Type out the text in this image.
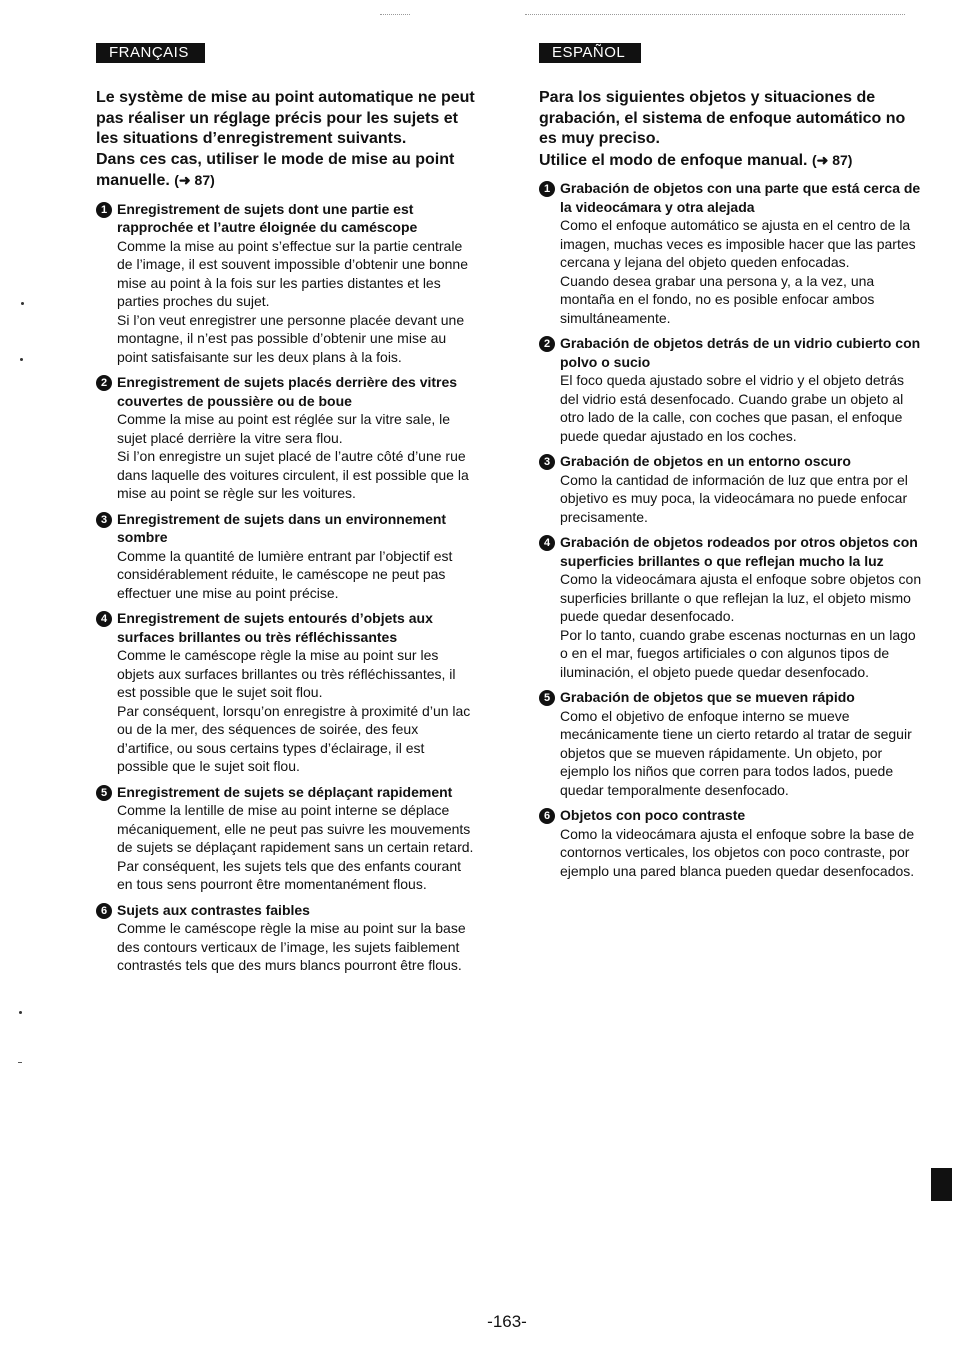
FRANÇAIS

Le système de mise au point automatique ne peut pas réaliser un réglage précis pour les sujets et les situations d’enregistrement suivants.
Dans ces cas, utiliser le mode de mise au point manuelle. (➜ 87)

1 Enregistrement de sujets dont une partie est rapprochée et l’autre éloignée du caméscope

Comme la mise au point s’effectue sur la partie centrale de l’image, il est souvent impossible d’obtenir une bonne mise au point à la fois sur les parties distantes et les parties proches du sujet.

Si l’on veut enregistrer une personne placée devant une montagne, il n’est pas possible d’obtenir une mise au point satisfaisante sur les deux plans à la fois.

2 Enregistrement de sujets placés derrière des vitres couvertes de poussière ou de boue

Comme la mise au point est réglée sur la vitre sale, le sujet placé derrière la vitre sera flou.

Si l’on enregistre un sujet placé de l’autre côté d’une rue dans laquelle des voitures circulent, il est possible que la mise au point se règle sur les voitures.

3 Enregistrement de sujets dans un environnement sombre

Comme la quantité de lumière entrant par l’objectif est considérablement réduite, le caméscope ne peut pas effectuer une mise au point précise.

4 Enregistrement de sujets entourés d’objets aux surfaces brillantes ou très réfléchissantes

Comme le caméscope règle la mise au point sur les objets aux surfaces brillantes ou très réfléchissantes, il est possible que le sujet soit flou.

Par conséquent, lorsqu’on enregistre à proximité d’un lac ou de la mer, des séquences de soirée, des feux d’artifice, ou sous certains types d’éclairage, il est possible que le sujet soit flou.

5 Enregistrement de sujets se déplaçant rapidement

Comme la lentille de mise au point interne se déplace mécaniquement, elle ne peut pas suivre les mouvements de sujets se déplaçant rapidement sans un certain retard. Par conséquent, les sujets tels que des enfants courant en tous sens pourront être momentanément flous.

6 Sujets aux contrastes faibles

Comme le caméscope règle la mise au point sur la base des contours verticaux de l’image, les sujets faiblement contrastés tels que des murs blancs pourront être flous.

ESPAÑOL

Para los siguientes objetos y situaciones de grabación, el sistema de enfoque automático no es muy preciso.
Utilice el modo de enfoque manual. (➜ 87)

1 Grabación de objetos con una parte que está cerca de la videocámara y otra alejada

Como el enfoque automático se ajusta en el centro de la imagen, muchas veces es imposible hacer que las partes cercana y lejana del objeto queden enfocadas.

Cuando desea grabar una persona y, a la vez, una montaña en el fondo, no es posible enfocar ambos simultáneamente.

2 Grabación de objetos detrás de un vidrio cubierto con polvo o sucio

El foco queda ajustado sobre el vidrio y el objeto detrás del vidrio está desenfocado. Cuando grabe un objeto al otro lado de la calle, con coches que pasan, el enfoque puede quedar ajustado en los coches.

3 Grabación de objetos en un entorno oscuro

Como la cantidad de información de luz que entra por el objetivo es muy poca, la videocámara no puede enfocar precisamente.

4 Grabación de objetos rodeados por otros objetos con superficies brillantes o que reflejan mucho la luz

Como la videocámara ajusta el enfoque sobre objetos con superficies brillante o que reflejan la luz, el objeto mismo puede quedar desenfocado.

Por lo tanto, cuando grabe escenas nocturnas en un lago o en el mar, fuegos artificiales o con algunos tipos de iluminación, el objeto puede quedar desenfocado.

5 Grabación de objetos que se mueven rápido

Como el objetivo de enfoque interno se mueve mecánicamente tiene un cierto retardo al tratar de seguir objetos que se mueven rápidamente. Un objeto, por ejemplo los niños que corren para todos lados, puede quedar temporalmente desenfocado.

6 Objetos con poco contraste

Como la videocámara ajusta el enfoque sobre la base de contornos verticales, los objetos con poco contraste, por ejemplo una pared blanca pueden quedar desenfocados.

-163-
